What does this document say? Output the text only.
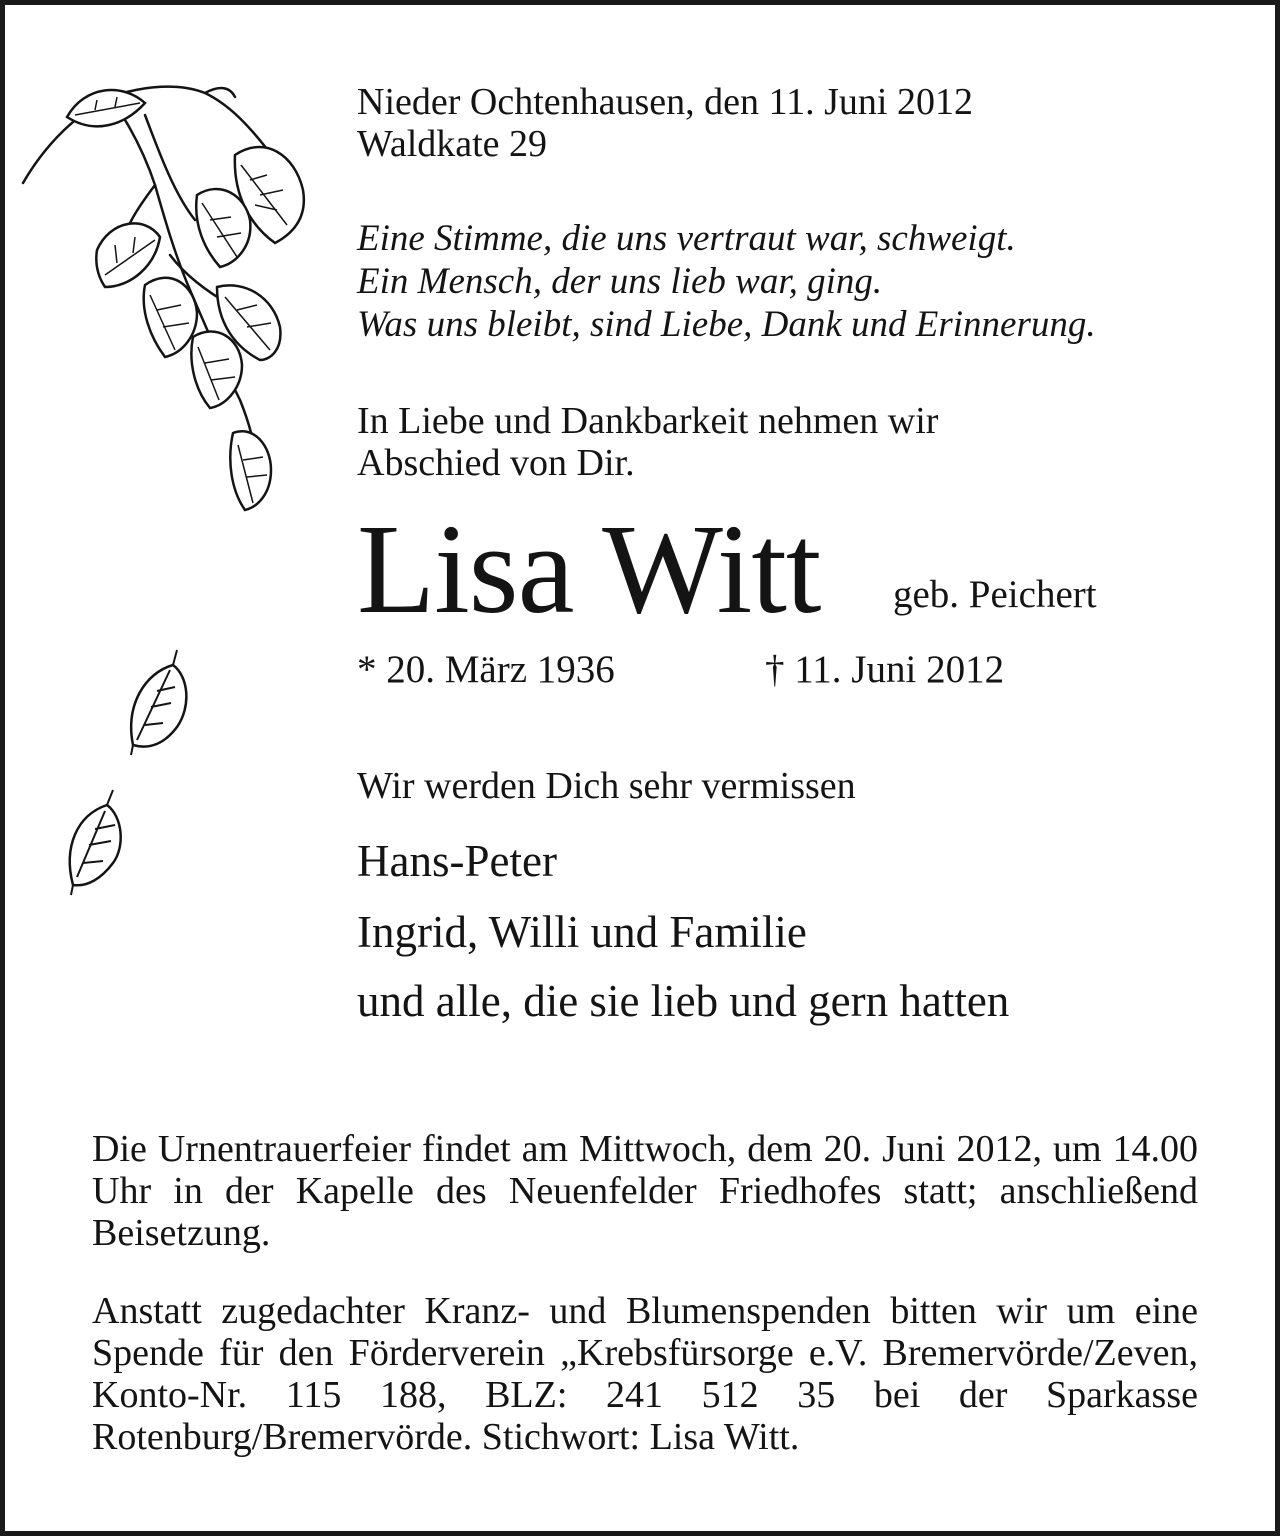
Nieder Ochtenhausen, den 11. Juni 2012
Waldkate 29
Eine Stimme, die uns vertraut war, schweigt.
Ein Mensch, der uns lieb war, ging.
Was uns bleibt, sind Liebe, Dank und Erinnerung.
In Liebe und Dankbarkeit nehmen wir
Abschied von Dir.
Lisa Witt geb. Peichert
* 20. März 1936	† 11. Juni 2012
Wir werden Dich sehr vermissen
Hans-Peter
Ingrid, Willi und Familie
und alle, die sie lieb und gern hatten

Die Urnentrauerfeier findet am Mittwoch, dem 20. Juni 2012, um 14.00 Uhr in der Kapelle des Neuenfelder Friedhofes statt; anschließend Beisetzung.

Anstatt zugedachter Kranz- und Blumenspenden bitten wir um eine Spende für den Förderverein „Krebsfürsorge e.V. Bremervörde/Zeven, Konto-Nr. 115 188, BLZ: 241 512 35 bei der Sparkasse Rotenburg/Bremervörde. Stichwort: Lisa Witt.
